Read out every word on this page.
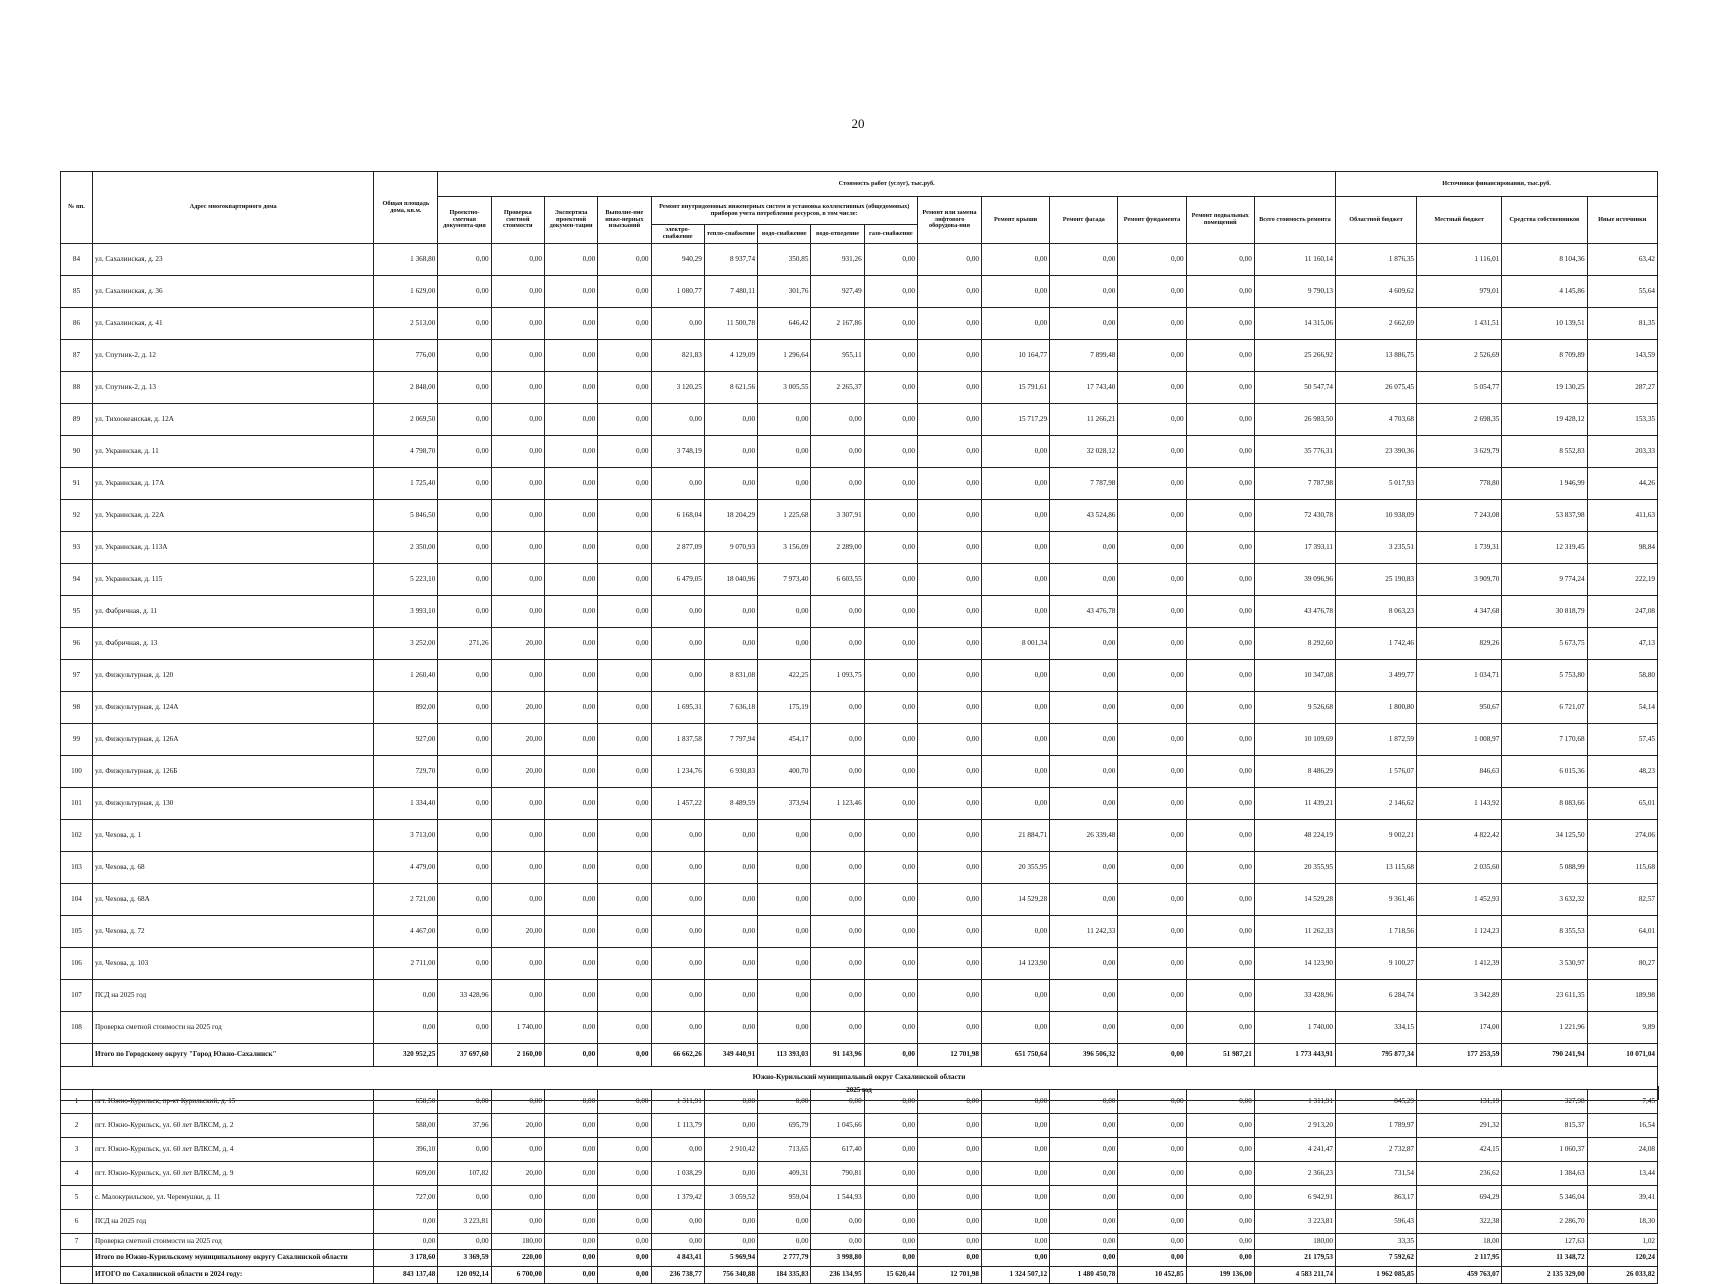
20
№ пп.	Адрес многоквартирного дома	Общая площадь дома, кв.м.	Стоимость работ (услуг), тыс.руб.															Источники финансирования, тыс.руб.			
			Проектно-сметная документа-ция	Проверка сметной стоимости	Экспертиза проектной докумен-тации	Выполне-ние инже-нерных изысканий	Ремонт внутридомовых инженерных систем и установка коллективных (общедомовых) приборов учета потребления ресурсов, в том числе:					Ремонт или замена лифтового оборудова-ния	Ремонт крыши	Ремонт фасада	Ремонт фундамента	Ремонт подвальных помещений	Всего стоимость ремонта	Областной бюджет	Местный бюджет	Средства собственников	Иные источники
							электро-снабжение	тепло-снабжение	водо-снабжение	водо-отведение	газо-снабжение										
84	ул. Сахалинская, д. 23	1 368,80	0,00	0,00	0,00	0,00	940,29	8 937,74	350,85	931,26	0,00	0,00	0,00	0,00	0,00	0,00	11 160,14	1 876,35	1 116,01	8 104,36	63,42
85	ул. Сахалинская, д. 36	1 629,00	0,00	0,00	0,00	0,00	1 080,77	7 480,11	301,76	927,49	0,00	0,00	0,00	0,00	0,00	0,00	9 790,13	4 609,62	979,01	4 145,86	55,64
86	ул. Сахалинская, д. 41	2 513,00	0,00	0,00	0,00	0,00	0,00	11 500,78	646,42	2 167,86	0,00	0,00	0,00	0,00	0,00	0,00	14 315,06	2 662,69	1 431,51	10 139,51	81,35
87	ул. Спутник-2, д. 12	776,00	0,00	0,00	0,00	0,00	821,83	4 129,09	1 296,64	955,11	0,00	0,00	10 164,77	7 899,48	0,00	0,00	25 266,92	13 886,75	2 526,69	8 709,89	143,59
88	ул. Спутник-2, д. 13	2 848,00	0,00	0,00	0,00	0,00	3 120,25	8 621,56	3 005,55	2 265,37	0,00	0,00	15 791,61	17 743,40	0,00	0,00	50 547,74	26 075,45	5 054,77	19 130,25	287,27
89	ул. Тихоокеанская, д. 12А	2 069,50	0,00	0,00	0,00	0,00	0,00	0,00	0,00	0,00	0,00	0,00	15 717,29	11 266,21	0,00	0,00	26 983,50	4 703,68	2 698,35	19 428,12	153,35
90	ул. Украинская, д. 11	4 798,70	0,00	0,00	0,00	0,00	3 748,19	0,00	0,00	0,00	0,00	0,00	0,00	32 028,12	0,00	0,00	35 776,31	23 390,36	3 629,79	8 552,83	203,33
91	ул. Украинская, д. 17А	1 725,40	0,00	0,00	0,00	0,00	0,00	0,00	0,00	0,00	0,00	0,00	0,00	7 787,98	0,00	0,00	7 787,98	5 017,93	778,80	1 946,99	44,26
92	ул. Украинская, д. 22А	5 846,50	0,00	0,00	0,00	0,00	6 168,04	18 204,29	1 225,68	3 307,91	0,00	0,00	0,00	43 524,86	0,00	0,00	72 430,78	10 938,09	7 243,08	53 837,98	411,63
93	ул. Украинская, д. 113А	2 350,00	0,00	0,00	0,00	0,00	2 877,09	9 070,93	3 156,09	2 289,00	0,00	0,00	0,00	0,00	0,00	0,00	17 393,11	3 235,51	1 739,31	12 319,45	98,84
94	ул. Украинская, д. 115	5 223,10	0,00	0,00	0,00	0,00	6 479,05	18 040,96	7 973,40	6 603,55	0,00	0,00	0,00	0,00	0,00	0,00	39 096,96	25 190,83	3 909,70	9 774,24	222,19
95	ул. Фабричная, д. 11	3 993,10	0,00	0,00	0,00	0,00	0,00	0,00	0,00	0,00	0,00	0,00	0,00	43 476,78	0,00	0,00	43 476,78	8 063,23	4 347,68	30 818,79	247,08
96	ул. Фабричная, д. 13	3 252,00	271,26	20,00	0,00	0,00	0,00	0,00	0,00	0,00	0,00	0,00	8 001,34	0,00	0,00	0,00	8 292,60	1 742,46	829,26	5 673,75	47,13
97	ул. Физкультурная, д. 120	1 260,40	0,00	0,00	0,00	0,00	0,00	8 831,08	422,25	1 093,75	0,00	0,00	0,00	0,00	0,00	0,00	10 347,08	3 499,77	1 034,71	5 753,80	58,80
98	ул. Физкультурная, д. 124А	892,00	0,00	20,00	0,00	0,00	1 695,31	7 636,18	175,19	0,00	0,00	0,00	0,00	0,00	0,00	0,00	9 526,68	1 800,80	950,67	6 721,07	54,14
99	ул. Физкультурная, д. 126А	927,00	0,00	20,00	0,00	0,00	1 837,58	7 797,94	454,17	0,00	0,00	0,00	0,00	0,00	0,00	0,00	10 109,69	1 872,59	1 008,97	7 170,68	57,45
100	ул. Физкультурная, д. 126Б	729,70	0,00	20,00	0,00	0,00	1 234,76	6 930,83	400,70	0,00	0,00	0,00	0,00	0,00	0,00	0,00	8 486,29	1 576,07	846,63	6 015,36	48,23
101	ул. Физкультурная, д. 130	1 334,40	0,00	0,00	0,00	0,00	1 457,22	8 489,59	373,94	1 123,46	0,00	0,00	0,00	0,00	0,00	0,00	11 439,21	2 146,62	1 143,92	8 083,66	65,01
102	ул. Чехова, д. 1	3 713,00	0,00	0,00	0,00	0,00	0,00	0,00	0,00	0,00	0,00	0,00	21 884,71	26 339,48	0,00	0,00	48 224,19	9 002,21	4 822,42	34 125,50	274,06
103	ул. Чехова, д. 68	4 479,00	0,00	0,00	0,00	0,00	0,00	0,00	0,00	0,00	0,00	0,00	20 355,95	0,00	0,00	0,00	20 355,95	13 115,68	2 035,60	5 088,99	115,68
104	ул. Чехова, д. 68А	2 721,00	0,00	0,00	0,00	0,00	0,00	0,00	0,00	0,00	0,00	0,00	14 529,28	0,00	0,00	0,00	14 529,28	9 361,46	1 452,93	3 632,32	82,57
105	ул. Чехова, д. 72	4 467,00	0,00	20,00	0,00	0,00	0,00	0,00	0,00	0,00	0,00	0,00	0,00	11 242,33	0,00	0,00	11 262,33	1 718,56	1 124,23	8 355,53	64,01
106	ул. Чехова, д. 103	2 711,00	0,00	0,00	0,00	0,00	0,00	0,00	0,00	0,00	0,00	0,00	14 123,90	0,00	0,00	0,00	14 123,90	9 100,27	1 412,39	3 530,97	80,27
107	ПСД на 2025 год	0,00	33 428,96	0,00	0,00	0,00	0,00	0,00	0,00	0,00	0,00	0,00	0,00	0,00	0,00	0,00	33 428,96	6 284,74	3 342,89	23 611,35	189,98
108	Проверка сметной стоимости на 2025 год	0,00	0,00	1 740,00	0,00	0,00	0,00	0,00	0,00	0,00	0,00	0,00	0,00	0,00	0,00	0,00	1 740,00	334,15	174,00	1 221,96	9,89
	Итого по Городскому округу "Город Южно-Сахалинск"	320 952,25	37 697,60	2 160,00	0,00	0,00	66 662,26	349 440,91	113 393,03	91 143,96	0,00	12 701,98	651 750,64	396 506,32	0,00	51 987,21	1 773 443,91	795 877,34	177 253,59	790 241,94	10 071,04
Южно-Курильский муниципальный округ Сахалинской области																					
1	пгт. Южно-Курильск, пр-кт Курильский, д. 15	658,50	0,00	0,00	0,00	0,00	1 311,91	0,00	0,00	0,00	0,00	0,00	0,00	0,00	0,00	0,00	1 311,91	845,29	131,19	327,98	7,45
2	пгт. Южно-Курильск, ул. 60 лет ВЛКСМ, д. 2	588,00	37,96	20,00	0,00	0,00	1 113,79	0,00	695,79	1 045,66	0,00	0,00	0,00	0,00	0,00	0,00	2 913,20	1 789,97	291,32	815,37	16,54
3	пгт. Южно-Курильск, ул. 60 лет ВЛКСМ, д. 4	396,10	0,00	0,00	0,00	0,00	0,00	2 910,42	713,65	617,40	0,00	0,00	0,00	0,00	0,00	0,00	4 241,47	2 732,87	424,15	1 060,37	24,08
4	пгт. Южно-Курильск, ул. 60 лет ВЛКСМ, д. 9	609,00	107,82	20,00	0,00	0,00	1 038,29	0,00	409,31	790,81	0,00	0,00	0,00	0,00	0,00	0,00	2 366,23	731,54	236,62	1 384,63	13,44
5	с. Малокурильское, ул. Черемушки, д. 11	727,00	0,00	0,00	0,00	0,00	1 379,42	3 059,52	959,04	1 544,93	0,00	0,00	0,00	0,00	0,00	0,00	6 942,91	863,17	694,29	5 346,04	39,41
6	ПСД на 2025 год	0,00	3 223,81	0,00	0,00	0,00	0,00	0,00	0,00	0,00	0,00	0,00	0,00	0,00	0,00	0,00	3 223,81	596,43	322,38	2 286,70	18,30
7	Проверка сметной стоимости на 2025 год	0,00	0,00	180,00	0,00	0,00	0,00	0,00	0,00	0,00	0,00	0,00	0,00	0,00	0,00	0,00	180,00	33,35	18,00	127,63	1,02
	Итого по Южно-Курильскому муниципальному округу Сахалинской области	3 178,60	3 369,59	220,00	0,00	0,00	4 843,41	5 969,94	2 777,79	3 998,80	0,00	0,00	0,00	0,00	0,00	0,00	21 179,53	7 592,62	2 117,95	11 348,72	120,24
	ИТОГО по Сахалинской области в 2024 году:	843 137,48	120 092,14	6 700,00	0,00	0,00	236 738,77	756 340,88	184 335,83	236 134,95	15 620,44	12 701,98	1 324 507,12	1 480 450,78	10 452,85	199 136,00	4 583 211,74	1 962 085,85	459 763,07	2 135 329,00	26 033,82
2025 год
